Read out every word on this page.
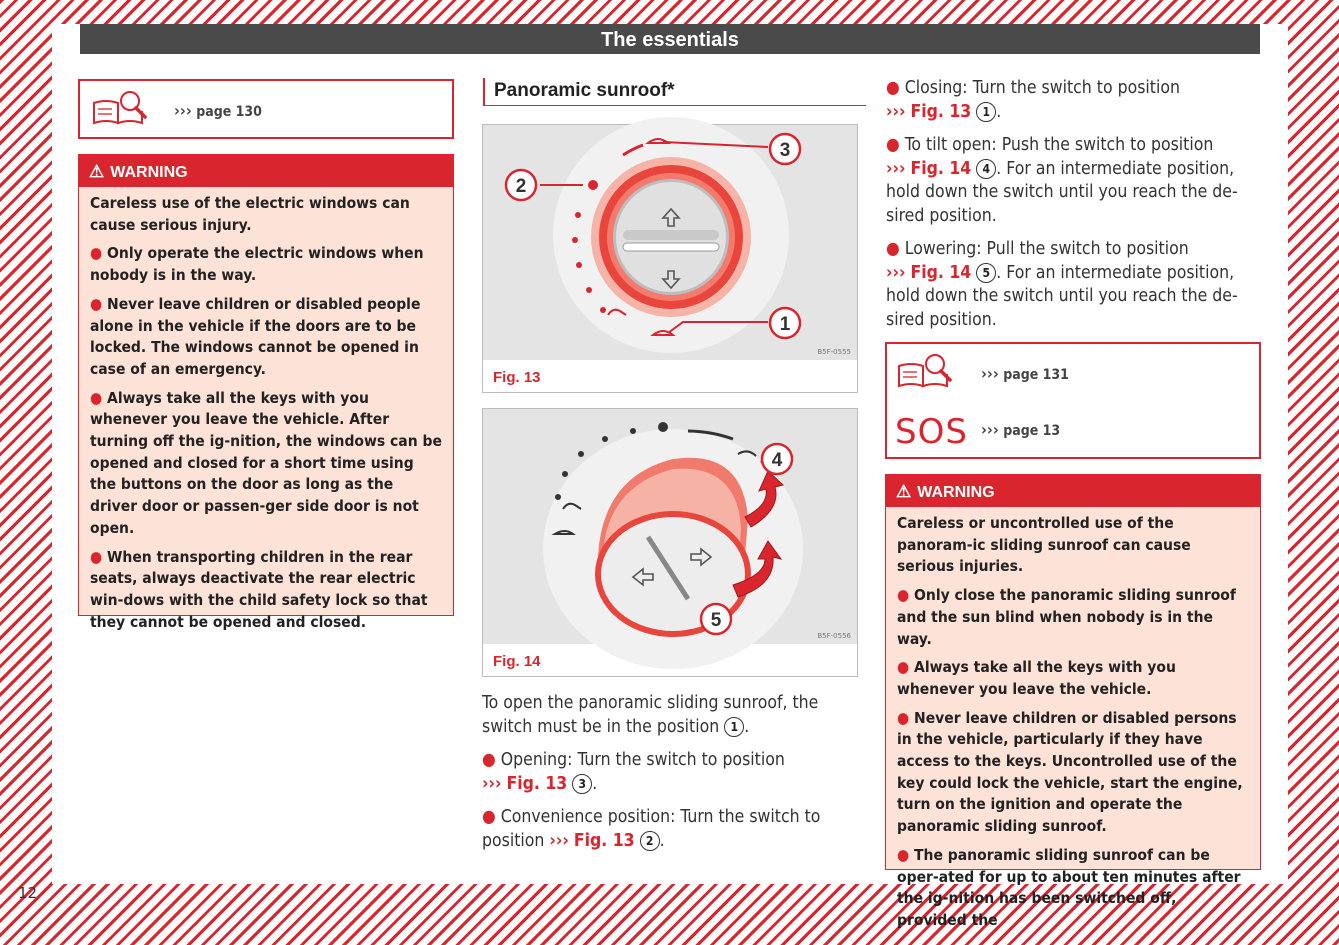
The essentials
12
››› page 130
⚠ WARNING

Careless use of the electric windows can cause serious injury.

● Only operate the electric windows when nobody is in the way.

● Never leave children or disabled people alone in the vehicle if the doors are to be locked. The windows cannot be opened in case of an emergency.

● Always take all the keys with you whenever you leave the vehicle. After turning off the ig-nition, the windows can be opened and closed for a short time using the buttons on the door as long as the driver door or passen-ger side door is not open.

● When transporting children in the rear seats, always deactivate the rear electric win-dows with the child safety lock so that they cannot be opened and closed.

Panoramic sunroof*
2
3
1
B5F-0555
Fig. 13
4
5
B5F-0556
Fig. 14

To open the panoramic sliding sunroof, the switch must be in the position 1 .

● Opening: Turn the switch to position
››› Fig. 13 3 .

● Convenience position: Turn the switch to position ››› Fig. 13 2 .

● Closing: Turn the switch to position
››› Fig. 13 1 .

● To tilt open: Push the switch to position
››› Fig. 14 4 . For an intermediate position, hold down the switch until you reach the de-sired position.

● Lowering: Pull the switch to position
››› Fig. 14 5 . For an intermediate position, hold down the switch until you reach the de-sired position.

››› page 131
SOS ››› page 13
⚠ WARNING

Careless or uncontrolled use of the panoram-ic sliding sunroof can cause serious injuries.

● Only close the panoramic sliding sunroof and the sun blind when nobody is in the way.

● Always take all the keys with you whenever you leave the vehicle.

● Never leave children or disabled persons in the vehicle, particularly if they have access to the keys. Uncontrolled use of the key could lock the vehicle, start the engine, turn on the ignition and operate the panoramic sliding sunroof.

● The panoramic sliding sunroof can be oper-ated for up to about ten minutes after the ig-nition has been switched off, provided the
